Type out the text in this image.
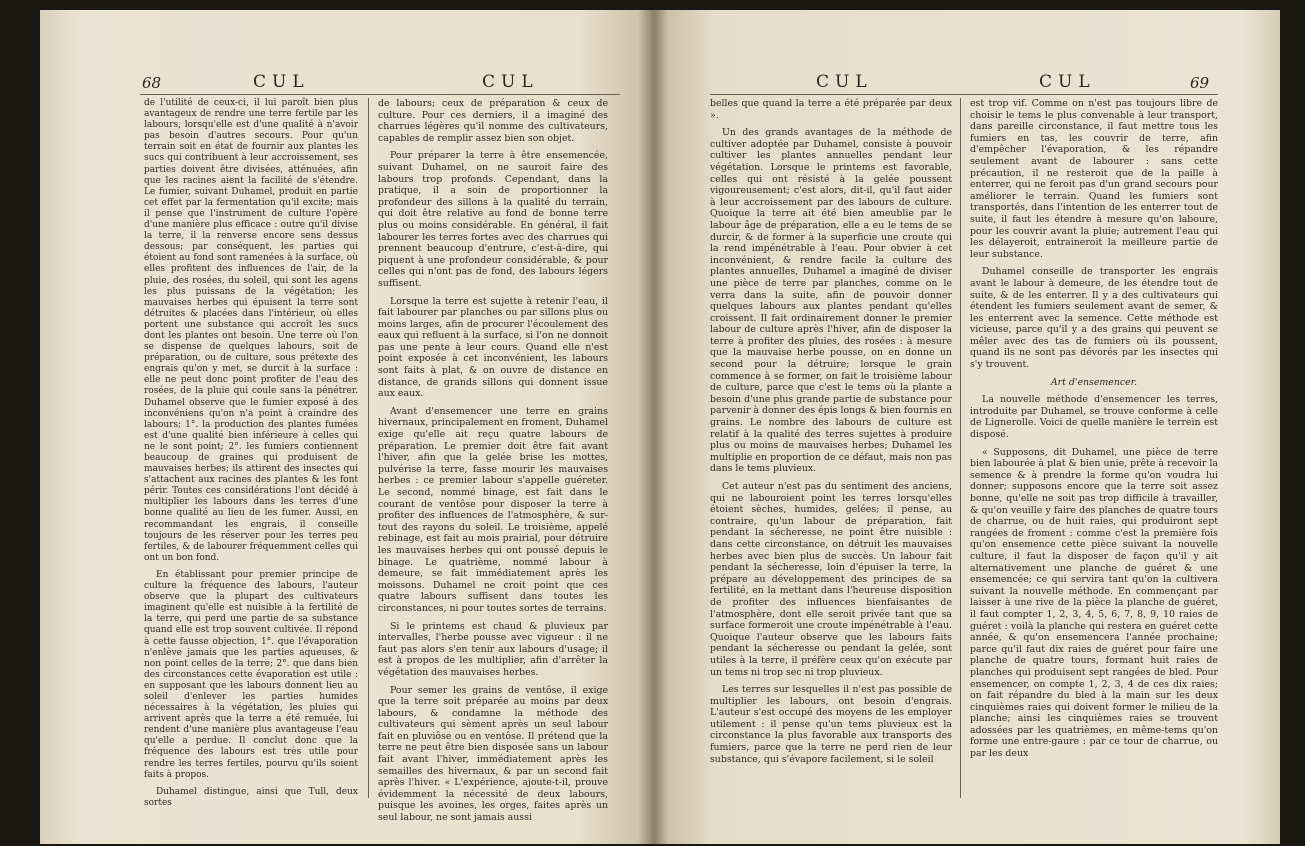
68	CUL	CUL

de l'utilité de ceux-ci, il lui paroît bien plus avantageux de rendre une terre fertile par les labours, lorsqu'elle est d'une qualité à n'avoir pas besoin d'autres secours. Pour qu'un terrain soit en état de fournir aux plantes les sucs qui contribuent à leur accroissement, ses parties doivent être divisées, atténuées, afin que les racines aient la facilité de s'étendre. Le fumier, suivant Duhamel, produit en partie cet effet par la fermentation qu'il excite; mais il pense que l'instrument de culture l'opère d'une manière plus efficace : outre qu'il divise la terre, il la renverse encore sens dessus dessous; par conséquent, les parties qui étoient au fond sont ramenées à la surface, où elles profitent des influences de l'air, de la pluie, des rosées, du soleil, qui sont les agens les plus puissans de la végétation; les mauvaises herbes qui épuisent la terre sont détruites & placées dans l'intérieur, où elles portent une substance qui accroît les sucs dont les plantes ont besoin. Une terre où l'on se dispense de quelques labours, soit de préparation, ou de culture, sous prétexte des engrais qu'on y met, se durcit à la surface : elle ne peut donc point profiter de l'eau des rosées, de la pluie qui coule sans la pénétrer. Duhamel observe que le fumier exposé à des inconvéniens qu'on n'a point à craindre des labours; 1°. la production des plantes fumées est d'une qualité bien inférieure à celles qui ne le sont point; 2°. les fumiers contiennent beaucoup de graines qui produisent de mauvaises herbes; ils attirent des insectes qui s'attachent aux racines des plantes & les font périr. Toutes ces considérations l'ont décidé à multiplier les labours dans les terres d'une bonne qualité au lieu de les fumer. Aussi, en recommandant les engrais, il conseille toujours de les réserver pour les terres peu fertiles, & de labourer fréquemment celles qui ont un bon fond.

En établissant pour premier principe de culture la fréquence des labours, l'auteur observe que la plupart des cultivateurs imaginent qu'elle est nuisible à la fertilité de la terre, qui perd une partie de sa substance quand elle est trop souvent cultivée. Il répond à cette fausse objection, 1°. que l'évaporation n'enlève jamais que les parties aqueuses, & non point celles de la terre; 2°. que dans bien des circonstances cette évaporation est utile : en supposant que les labours donnent lieu au soleil d'enlever les parties humides nécessaires à la végétation, les pluies qui arrivent après que la terre a été remuée, lui rendent d'une manière plus avantageuse l'eau qu'elle a perdue. Il conclut donc que la fréquence des labours est très utile pour rendre les terres fertiles, pourvu qu'ils soient faits à propos.

Duhamel distingue, ainsi que Tull, deux sortes

de labours; ceux de préparation & ceux de culture. Pour ces derniers, il a imaginé des charrues légères qu'il nomme des cultivateurs, capables de remplir assez bien son objet.

Pour préparer la terre à être ensemencée, suivant Duhamel, on ne sauroit faire des labours trop profonds. Cependant, dans la pratique, il a soin de proportionner la profondeur des sillons à la qualité du terrain, qui doit être relative au fond de bonne terre plus ou moins considérable. En général, il fait labourer les terres fortes avec des charrues qui prennent beaucoup d'entrure, c'est-à-dire, qui piquent à une profondeur considérable, & pour celles qui n'ont pas de fond, des labours légers suffisent.

Lorsque la terre est sujette à retenir l'eau, il fait labourer par planches ou par sillons plus ou moins larges, afin de procurer l'écoulement des eaux qui refluent à la surface, si l'on ne donnoit pas une pente à leur cours. Quand elle n'est point exposée à cet inconvénient, les labours sont faits à plat, & on ouvre de distance en distance, de grands sillons qui donnent issue aux eaux.

Avant d'ensemencer une terre en grains hivernaux, principalement en froment, Duhamel exige qu'elle ait reçu quatre labours de préparation. Le premier doit être fait avant l'hiver, afin que la gelée brise les mottes, pulvérise la terre, fasse mourir les mauvaises herbes : ce premier labour s'appelle guéreter. Le second, nommé binage, est fait dans le courant de ventôse pour disposer la terre à profiter des influences de l'atmosphère, & sur-tout des rayons du soleil. Le troisième, appelé rebinage, est fait au mois prairial, pour détruire les mauvaises herbes qui ont poussé depuis le binage. Le quatrième, nommé labour à demeure, se fait immédiatement après les moissons. Duhamel ne croit point que ces quatre labours suffisent dans toutes les circonstances, ni pour toutes sortes de terrains.

Si le printems est chaud & pluvieux par intervalles, l'herbe pousse avec vigueur : il ne faut pas alors s'en tenir aux labours d'usage; il est à propos de les multiplier, afin d'arrêter la végétation des mauvaises herbes.

Pour semer les grains de ventôse, il exige que la terre soit préparée au moins par deux labours, & condamne la méthode des cultivateurs qui sèment après un seul labour fait en pluviôse ou en ventôse. Il prétend que la terre ne peut être bien disposée sans un labour fait avant l'hiver, immédiatement après les semailles des hivernaux, & par un second fait après l'hiver. « L'expérience, ajoute-t-il, prouve évidemment la nécessité de deux labours, puisque les avoines, les orges, faites après un seul labour, ne sont jamais aussi

CUL	CUL	69

belles que quand la terre a été préparée par deux ».

Un des grands avantages de la méthode de cultiver adoptée par Duhamel, consiste à pouvoir cultiver les plantes annuelles pendant leur végétation. Lorsque le printems est favorable, celles qui ont résisté à la gelée poussent vigoureusement; c'est alors, dit-il, qu'il faut aider à leur accroissement par des labours de culture. Quoique la terre ait été bien ameublie par le labour âge de préparation, elle a eu le tems de se durcir, & de former à la superficie une croute qui la rend impénétrable à l'eau. Pour obvier à cet inconvénient, & rendre facile la culture des plantes annuelles, Duhamel a imaginé de diviser une pièce de terre par planches, comme on le verra dans la suite, afin de pouvoir donner quelques labours aux plantes pendant qu'elles croissent. Il fait ordinairement donner le premier labour de culture après l'hiver, afin de disposer la terre à profiter des pluies, des rosées : à mesure que la mauvaise herbe pousse, on en donne un second pour la détruire; lorsque le grain commence à se former, on fait le troisième labour de culture, parce que c'est le tems où la plante a besoin d'une plus grande partie de substance pour parvenir à donner des épis longs & bien fournis en grains. Le nombre des labours de culture est relatif à la qualité des terres sujettes à produire plus ou moins de mauvaises herbes; Duhamel les multiplie en proportion de ce défaut, mais non pas dans le tems pluvieux.

Cet auteur n'est pas du sentiment des anciens, qui ne labouroient point les terres lorsqu'elles étoient sèches, humides, gelées; il pense, au contraire, qu'un labour de préparation, fait pendant la sécheresse, ne point être nuisible : dans cette circonstance, on détruit les mauvaises herbes avec bien plus de succès. Un labour fait pendant la sécheresse, loin d'épuiser la terre, la prépare au développement des principes de sa fertilité, en la mettant dans l'heureuse disposition de profiter des influences bienfaisantes de l'atmosphère, dont elle seroit privée tant que sa surface formeroit une croute impénétrable à l'eau. Quoique l'auteur observe que les labours faits pendant la sécheresse ou pendant la gelée, sont utiles à la terre, il préfère ceux qu'on exécute par un tems ni trop sec ni trop pluvieux.

Les terres sur lesquelles il n'est pas possible de multiplier les labours, ont besoin d'engrais. L'auteur s'est occupé des moyens de les employer utilement : il pense qu'un tems pluvieux est la circonstance la plus favorable aux transports des fumiers, parce que la terre ne perd rien de leur substance, qui s'évapore facilement, si le soleil

est trop vif. Comme on n'est pas toujours libre de choisir le tems le plus convenable à leur transport, dans pareille circonstance, il faut mettre tous les fumiers en tas, les couvrir de terre, afin d'empêcher l'évaporation, & les répandre seulement avant de labourer : sans cette précaution, il ne resteroit que de la paille à enterrer, qui ne feroit pas d'un grand secours pour améliorer le terrain. Quand les fumiers sont transportés, dans l'intention de les enterrer tout de suite, il faut les étendre à mesure qu'on laboure, pour les couvrir avant la pluie; autrement l'eau qui les délayeroit, entraineroit la meilleure partie de leur substance.

Duhamel conseille de transporter les engrais avant le labour à demeure, de les étendre tout de suite, & de les enterrer. Il y a des cultivateurs qui étendent les fumiers seulement avant de semer, & les enterrent avec la semence. Cette méthode est vicieuse, parce qu'il y a des grains qui peuvent se mêler avec des tas de fumiers où ils poussent, quand ils ne sont pas dévorés par les insectes qui s'y trouvent.

Art d'ensemencer.

La nouvelle méthode d'ensemencer les terres, introduite par Duhamel, se trouve conforme à celle de Lignerolle. Voici de quelle manière le terrein est disposé.

« Supposons, dit Duhamel, une pièce de terre bien labourée à plat & bien unie, prête à recevoir la semence & à prendre la forme qu'on voudra lui donner; supposons encore que la terre soit assez bonne, qu'elle ne soit pas trop difficile à travailler, & qu'on veuille y faire des planches de quatre tours de charrue, ou de huit raies, qui produiront sept rangées de froment : comme c'est la première fois qu'on ensemence cette pièce suivant la nouvelle culture, il faut la disposer de façon qu'il y ait alternativement une planche de guéret & une ensemencée; ce qui servira tant qu'on la cultivera suivant la nouvelle méthode. En commençant par laisser à une rive de la pièce la planche de guéret, il faut compter 1, 2, 3, 4, 5, 6, 7, 8, 9, 10 raies de guéret : voilà la planche qui restera en guéret cette année, & qu'on ensemencera l'année prochaine; parce qu'il faut dix raies de guéret pour faire une planche de quatre tours, formant huit raies de planches qui produisent sept rangées de bled. Pour ensemencer, on compte 1, 2, 3, 4 de ces dix raies; on fait répandre du bled à la main sur les deux cinquièmes raies qui doivent former le milieu de la planche; ainsi les cinquièmes raies se trouvent adossées par les quatrièmes, en même-tems qu'on forme une entre-gaure : par ce tour de charrue, ou par les deux
